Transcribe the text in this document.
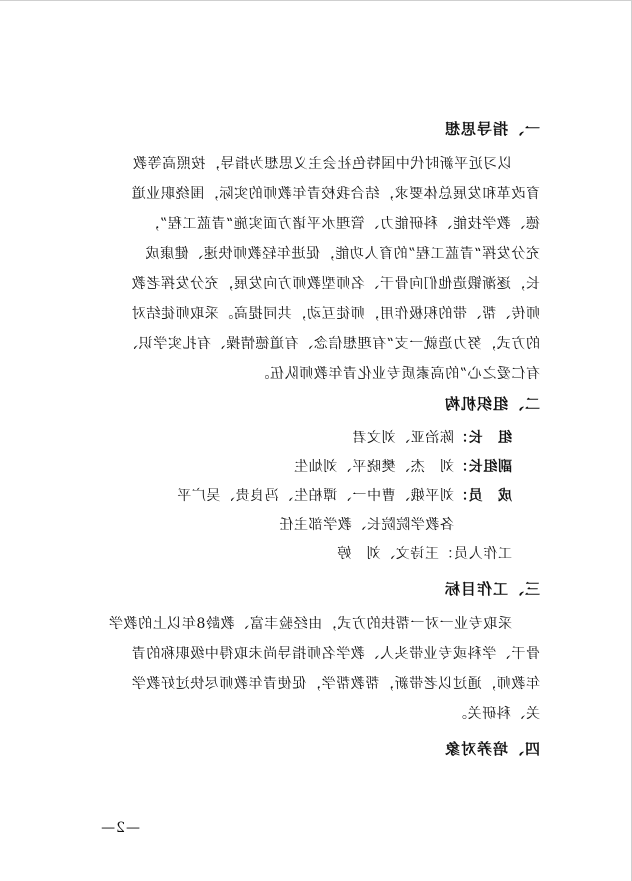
一、指导思想
以习近平新时代中国特色社会主义思想为指导，按照高等教
育改革和发展总体要求，结合我校青年教师的实际，围绕职业道
德、教学技能、科研能力、管理水平诸方面实施“青蓝工程”，
充分发挥“青蓝工程”的育人功能，促进年轻教师快速、健康成
长，逐渐锻造他们向骨干、名师型教师方向发展，充分发挥老教
师传、帮、带的积极作用，师徒互动，共同提高。采取师徒结对
的方式，努力造就一支“有理想信念、有道德情操、有扎实学识、
有仁爱之心”的高素质专业化青年教师队伍。
二、组织机构
组　长：陈治亚、刘文君
副组长：刘　杰、樊晓平、刘灿生
成　员：刘平娥、曹中一、谭柏生、冯良贵、吴广平
各教学院院长、教学部主任
工作人员：王诗文、刘　婷
三、工作目标
采取专业一对一帮扶的方式，由经验丰富、教龄8年以上的教学
骨干、学科或专业带头人、教学名师指导尚未取得中级职称的青
年教师，通过以老带新，帮教帮学，促使青年教师尽快过好教学
关、科研关。
四、培养对象
—2—
